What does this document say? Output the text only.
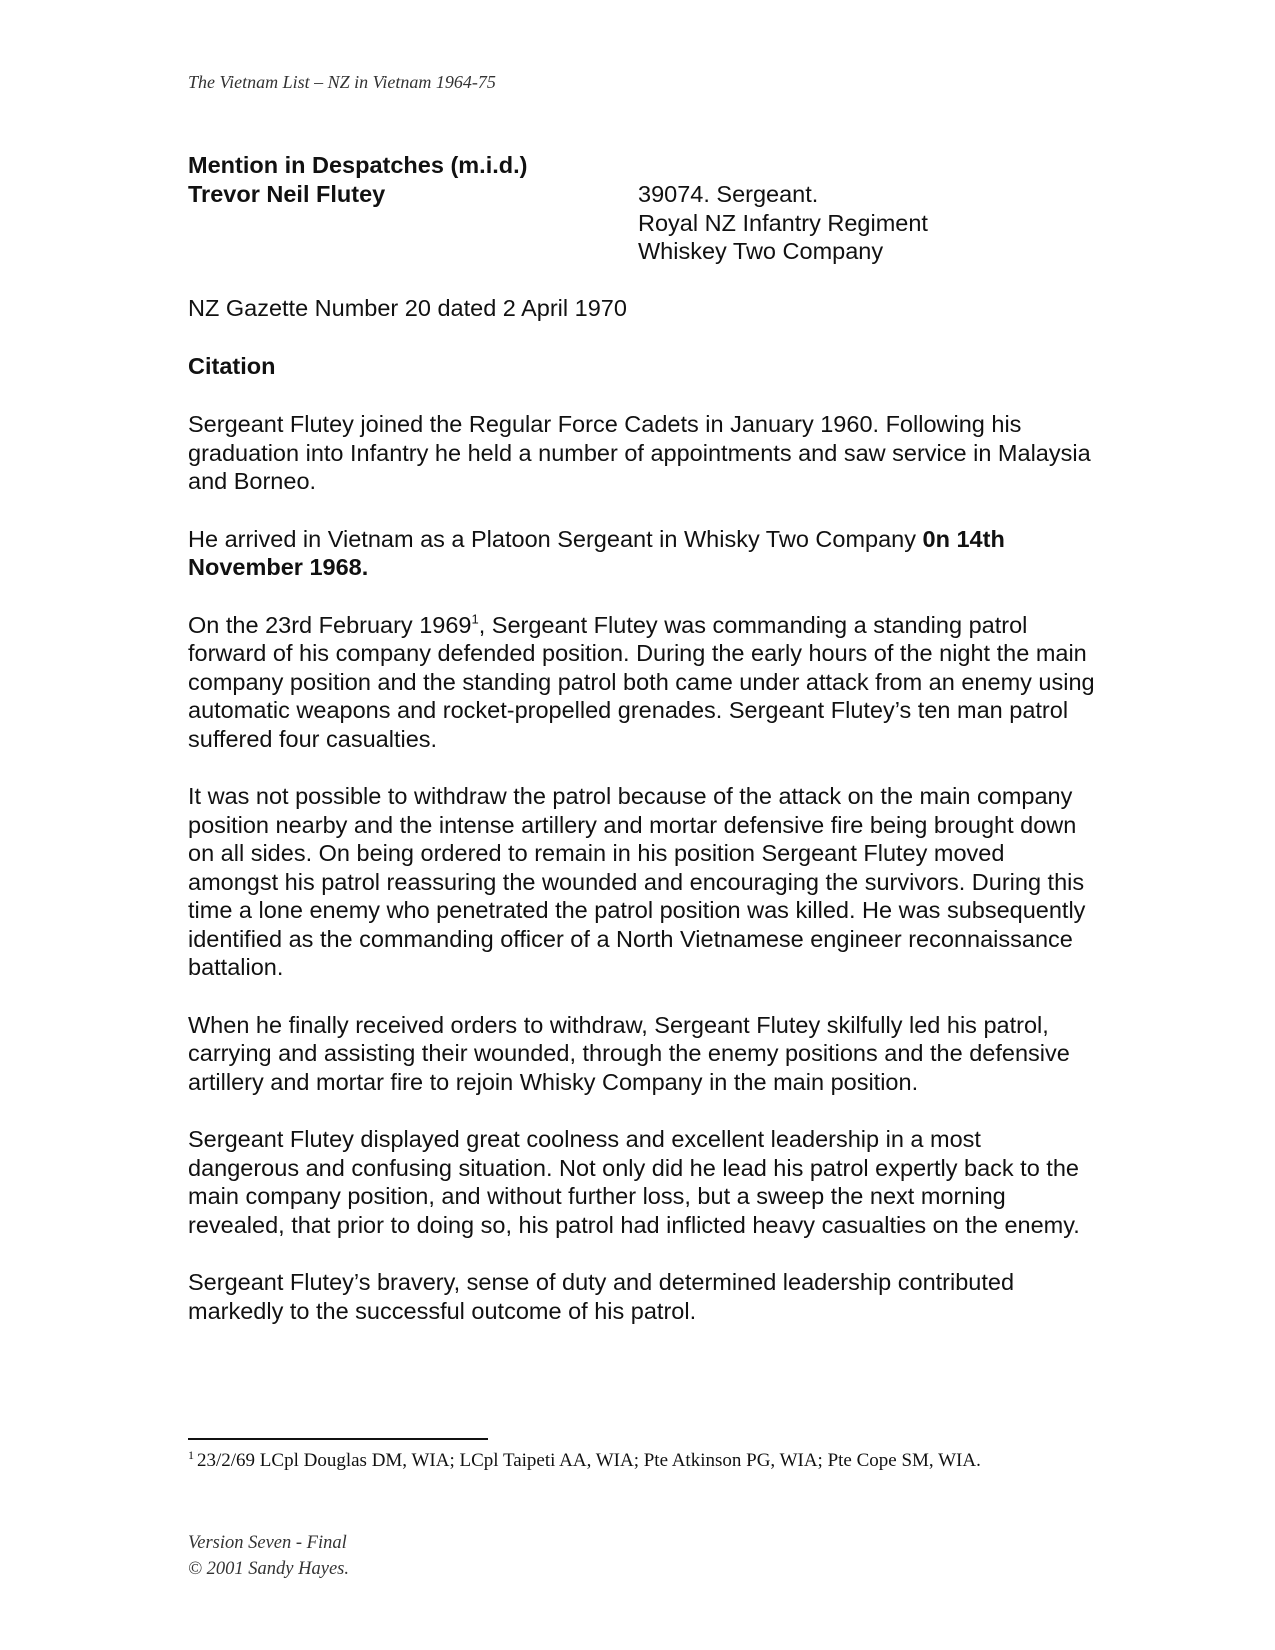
The Vietnam List – NZ in Vietnam 1964-75
Mention in Despatches (m.i.d.)
Trevor Neil Flutey	39074. Sergeant.
Royal NZ Infantry Regiment
Whiskey Two Company
NZ Gazette Number 20 dated 2 April 1970
Citation

Sergeant Flutey joined the Regular Force Cadets in January 1960. Following his graduation into Infantry he held a number of appointments and saw service in Malaysia and Borneo.

He arrived in Vietnam as a Platoon Sergeant in Whisky Two Company 0n 14th November 1968.

On the 23rd February 1969$^1$, Sergeant Flutey was commanding a standing patrol forward of his company defended position. During the early hours of the night the main company position and the standing patrol both came under attack from an enemy using automatic weapons and rocket-propelled grenades. Sergeant Flutey’s ten man patrol suffered four casualties.

It was not possible to withdraw the patrol because of the attack on the main company position nearby and the intense artillery and mortar defensive fire being brought down on all sides. On being ordered to remain in his position Sergeant Flutey moved amongst his patrol reassuring the wounded and encouraging the survivors. During this time a lone enemy who penetrated the patrol position was killed. He was subsequently identified as the commanding officer of a North Vietnamese engineer reconnaissance battalion.

When he finally received orders to withdraw, Sergeant Flutey skilfully led his patrol, carrying and assisting their wounded, through the enemy positions and the defensive artillery and mortar fire to rejoin Whisky Company in the main position.

Sergeant Flutey displayed great coolness and excellent leadership in a most dangerous and confusing situation. Not only did he lead his patrol expertly back to the main company position, and without further loss, but a sweep the next morning revealed, that prior to doing so, his patrol had inflicted heavy casualties on the enemy.

Sergeant Flutey’s bravery, sense of duty and determined leadership contributed markedly to the successful outcome of his patrol.

$^1$ 23/2/69 LCpl Douglas DM, WIA; LCpl Taipeti AA, WIA; Pte Atkinson PG, WIA; Pte Cope SM, WIA.
Version Seven - Final
© 2001 Sandy Hayes.
